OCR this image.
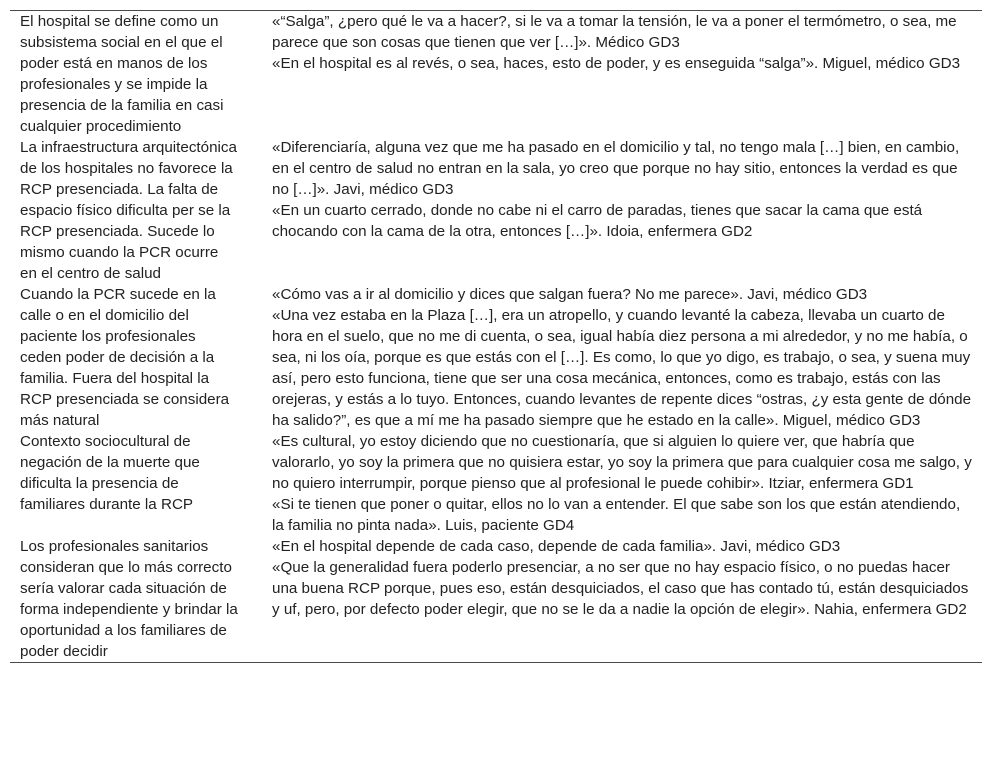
El hospital se define como un subsistema social en el que el poder está en manos de los profesionales y se impide la presencia de la familia en casi cualquier procedimiento
«“Salga”, ¿pero qué le va a hacer?, si le va a tomar la tensión, le va a poner el termómetro, o sea, me parece que son cosas que tienen que ver […]». Médico GD3
«En el hospital es al revés, o sea, haces, esto de poder, y es enseguida “salga”». Miguel, médico GD3
La infraestructura arquitectónica de los hospitales no favorece la RCP presenciada. La falta de espacio físico dificulta per se la RCP presenciada. Sucede lo mismo cuando la PCR ocurre en el centro de salud
«Diferenciaría, alguna vez que me ha pasado en el domicilio y tal, no tengo mala […] bien, en cambio, en el centro de salud no entran en la sala, yo creo que porque no hay sitio, entonces la verdad es que no […]». Javi, médico GD3
«En un cuarto cerrado, donde no cabe ni el carro de paradas, tienes que sacar la cama que está chocando con la cama de la otra, entonces […]». Idoia, enfermera GD2
Cuando la PCR sucede en la calle o en el domicilio del paciente los profesionales ceden poder de decisión a la familia. Fuera del hospital la RCP presenciada se considera más natural
«Cómo vas a ir al domicilio y dices que salgan fuera? No me parece». Javi, médico GD3
«Una vez estaba en la Plaza […], era un atropello, y cuando levanté la cabeza, llevaba un cuarto de hora en el suelo, que no me di cuenta, o sea, igual había diez persona a mi alrededor, y no me había, o sea, ni los oía, porque es que estás con el […]. Es como, lo que yo digo, es trabajo, o sea, y suena muy así, pero esto funciona, tiene que ser una cosa mecánica, entonces, como es trabajo, estás con las orejeras, y estás a lo tuyo. Entonces, cuando levantes de repente dices “ostras, ¿y esta gente de dónde ha salido?”, es que a mí me ha pasado siempre que he estado en la calle». Miguel, médico GD3
Contexto sociocultural de negación de la muerte que dificulta la presencia de familiares durante la RCP
«Es cultural, yo estoy diciendo que no cuestionaría, que si alguien lo quiere ver, que habría que valorarlo, yo soy la primera que no quisiera estar, yo soy la primera que para cualquier cosa me salgo, y no quiero interrumpir, porque pienso que al profesional le puede cohibir». Itziar, enfermera GD1
«Si te tienen que poner o quitar, ellos no lo van a entender. El que sabe son los que están atendiendo, la familia no pinta nada». Luis, paciente GD4
Los profesionales sanitarios consideran que lo más correcto sería valorar cada situación de forma independiente y brindar la oportunidad a los familiares de poder decidir
«En el hospital depende de cada caso, depende de cada familia». Javi, médico GD3
«Que la generalidad fuera poderlo presenciar, a no ser que no hay espacio físico, o no puedas hacer una buena RCP porque, pues eso, están desquiciados, el caso que has contado tú, están desquiciados y uf, pero, por defecto poder elegir, que no se le da a nadie la opción de elegir». Nahia, enfermera GD2
